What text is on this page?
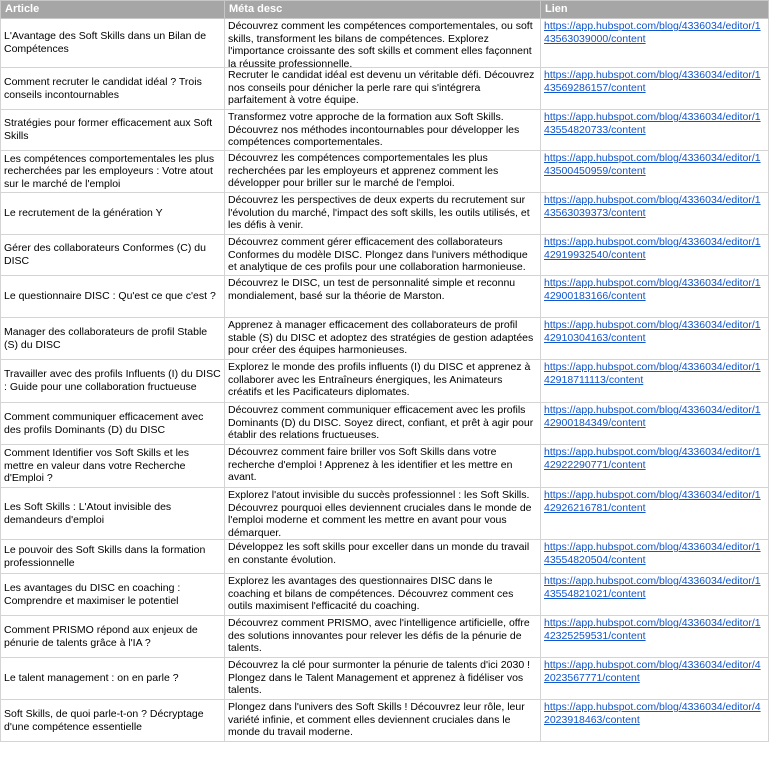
Article	Méta desc	Lien
L'Avantage des Soft Skills dans un Bilan de Compétences	Découvrez comment les compétences comportementales, ou soft skills, transforment les bilans de compétences. Explorez l'importance croissante des soft skills et comment elles façonnent la réussite professionnelle.	https://app.hubspot.com/blog/4336034/editor/143563039000/content

Comment recruter le candidat idéal ? Trois conseils incontournables	Recruter le candidat idéal est devenu un véritable défi. Découvrez nos conseils pour dénicher la perle rare qui s'intégrera parfaitement à votre équipe.	https://app.hubspot.com/blog/4336034/editor/143569286157/content

Stratégies pour former efficacement aux Soft Skills	Transformez votre approche de la formation aux Soft Skills. Découvrez nos méthodes incontournables pour développer les compétences comportementales.	https://app.hubspot.com/blog/4336034/editor/143554820733/content

Les compétences comportementales les plus recherchées par les employeurs : Votre atout sur le marché de l'emploi	Découvrez les compétences comportementales les plus recherchées par les employeurs et apprenez comment les développer pour briller sur le marché de l'emploi.	https://app.hubspot.com/blog/4336034/editor/143500450959/content

Le recrutement de la génération Y	Découvrez les perspectives de deux experts du recrutement sur l'évolution du marché, l'impact des soft skills, les outils utilisés, et les défis à venir.	https://app.hubspot.com/blog/4336034/editor/143563039373/content

Gérer des collaborateurs Conformes (C) du DISC	Découvrez comment gérer efficacement des collaborateurs Conformes du modèle DISC. Plongez dans l'univers méthodique et analytique de ces profils pour une collaboration harmonieuse.	https://app.hubspot.com/blog/4336034/editor/142919932540/content

Le questionnaire DISC : Qu'est ce que c'est ?	Découvrez le DISC, un test de personnalité simple et reconnu mondialement, basé sur la théorie de Marston.	https://app.hubspot.com/blog/4336034/editor/142900183166/content

Manager des collaborateurs de profil Stable (S) du DISC	Apprenez à manager efficacement des collaborateurs de profil stable (S) du DISC et adoptez des stratégies de gestion adaptées pour créer des équipes harmonieuses.	https://app.hubspot.com/blog/4336034/editor/142910304163/content

Travailler avec des profils Influents (I) du DISC : Guide pour une collaboration fructueuse	Explorez le monde des profils influents (I) du DISC et apprenez à collaborer avec les Entraîneurs énergiques, les Animateurs créatifs et les Pacificateurs diplomates.	https://app.hubspot.com/blog/4336034/editor/142918711113/content

Comment communiquer efficacement avec des profils Dominants (D) du DISC	Découvrez comment communiquer efficacement avec les profils Dominants (D) du DISC. Soyez direct, confiant, et prêt à agir pour établir des relations fructueuses.	https://app.hubspot.com/blog/4336034/editor/142900184349/content

Comment Identifier vos Soft Skills et les mettre en valeur dans votre Recherche d'Emploi ?	Découvrez comment faire briller vos Soft Skills dans votre recherche d'emploi ! Apprenez à les identifier et les mettre en avant.	https://app.hubspot.com/blog/4336034/editor/142922290771/content

Les Soft Skills : L'Atout invisible des demandeurs d'emploi	Explorez l'atout invisible du succès professionnel : les Soft Skills. Découvrez pourquoi elles deviennent cruciales dans le monde de l'emploi moderne et comment les mettre en avant pour vous démarquer.	https://app.hubspot.com/blog/4336034/editor/142926216781/content

Le pouvoir des Soft Skills dans la formation professionnelle	Développez les soft skills pour exceller dans un monde du travail en constante évolution.	https://app.hubspot.com/blog/4336034/editor/143554820504/content

Les avantages du DISC en coaching : Comprendre et maximiser le potentiel	Explorez les avantages des questionnaires DISC dans le coaching et bilans de compétences. Découvrez comment ces outils maximisent l'efficacité du coaching.	https://app.hubspot.com/blog/4336034/editor/143554821021/content

Comment PRISMO répond aux enjeux de pénurie de talents grâce à l'IA ?	Découvrez comment PRISMO, avec l'intelligence artificielle, offre des solutions innovantes pour relever les défis de la pénurie de talents.	https://app.hubspot.com/blog/4336034/editor/142325259531/content

Le talent management : on en parle ?	Découvrez la clé pour surmonter la pénurie de talents d'ici 2030 ! Plongez dans le Talent Management et apprenez à fidéliser vos talents.	https://app.hubspot.com/blog/4336034/editor/42023567771/content

Soft Skills, de quoi parle-t-on ? Décryptage d'une compétence essentielle	Plongez dans l'univers des Soft Skills ! Découvrez leur rôle, leur variété infinie, et comment elles deviennent cruciales dans le monde du travail moderne.	https://app.hubspot.com/blog/4336034/editor/42023918463/content
